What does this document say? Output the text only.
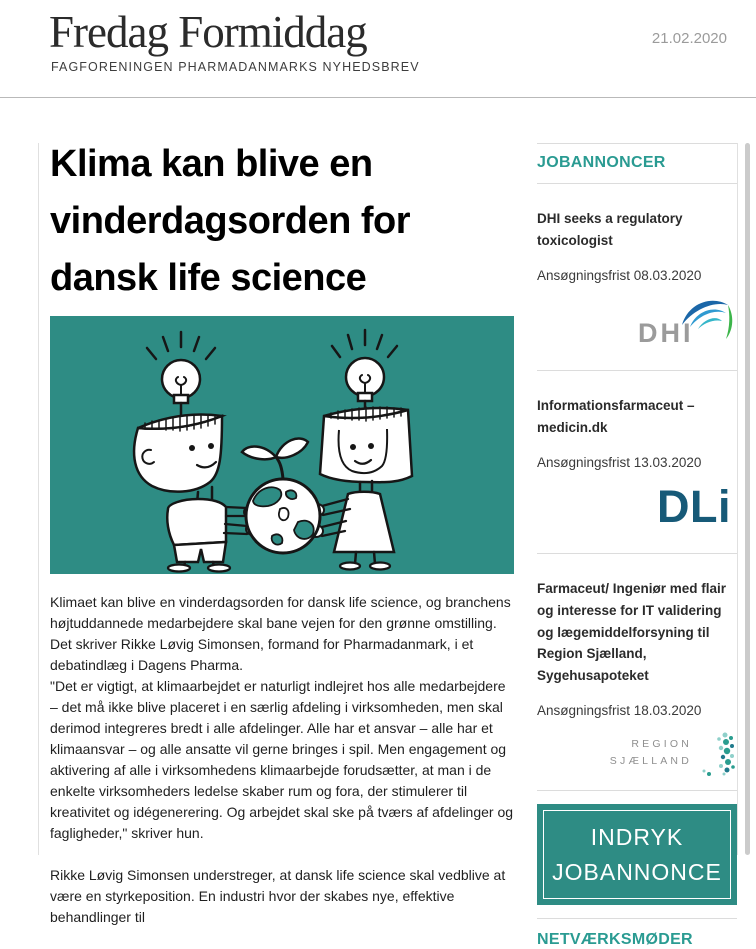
Fredag Formiddag
FAGFORENINGEN PHARMADANMARKS NYHEDSBREV
21.02.2020
Klima kan blive en vinderdagsorden for dansk life science

Klimaet kan blive en vinderdagsorden for dansk life science, og branchens højtuddannede medarbejdere skal bane vejen for den grønne omstilling. Det skriver Rikke Løvig Simonsen, formand for Pharmadanmark, i et debatindlæg i Dagens Pharma.

"Det er vigtigt, at klimaarbejdet er naturligt indlejret hos alle medarbejdere – det må ikke blive placeret i en særlig afdeling i virksomheden, men skal derimod integreres bredt i alle afdelinger. Alle har et ansvar – alle har et klimaansvar – og alle ansatte vil gerne bringes i spil. Men engagement og aktivering af alle i virksomhedens klimaarbejde forudsætter, at man i de enkelte virksomheders ledelse skaber rum og fora, der stimulerer til kreativitet og idégenerering. Og arbejdet skal ske på tværs af afdelinger og fagligheder," skriver hun.

Rikke Løvig Simonsen understreger, at dansk life science skal vedblive at være en styrkeposition. En industri hvor der skabes nye, effektive behandlinger til

JOBANNONCER
DHI seeks a regulatory toxicologist
Ansøgningsfrist 08.03.2020
DHI
Informationsfarmaceut – medicin.dk
Ansøgningsfrist 13.03.2020
DLi
Farmaceut/ Ingeniør med flair og interesse for IT validering og lægemiddelforsyning til Region Sjælland, Sygehusapoteket
Ansøgningsfrist 18.03.2020
REGION
SJÆLLAND
INDRYK JOBANNONCE
NETVÆRKSMØDER
